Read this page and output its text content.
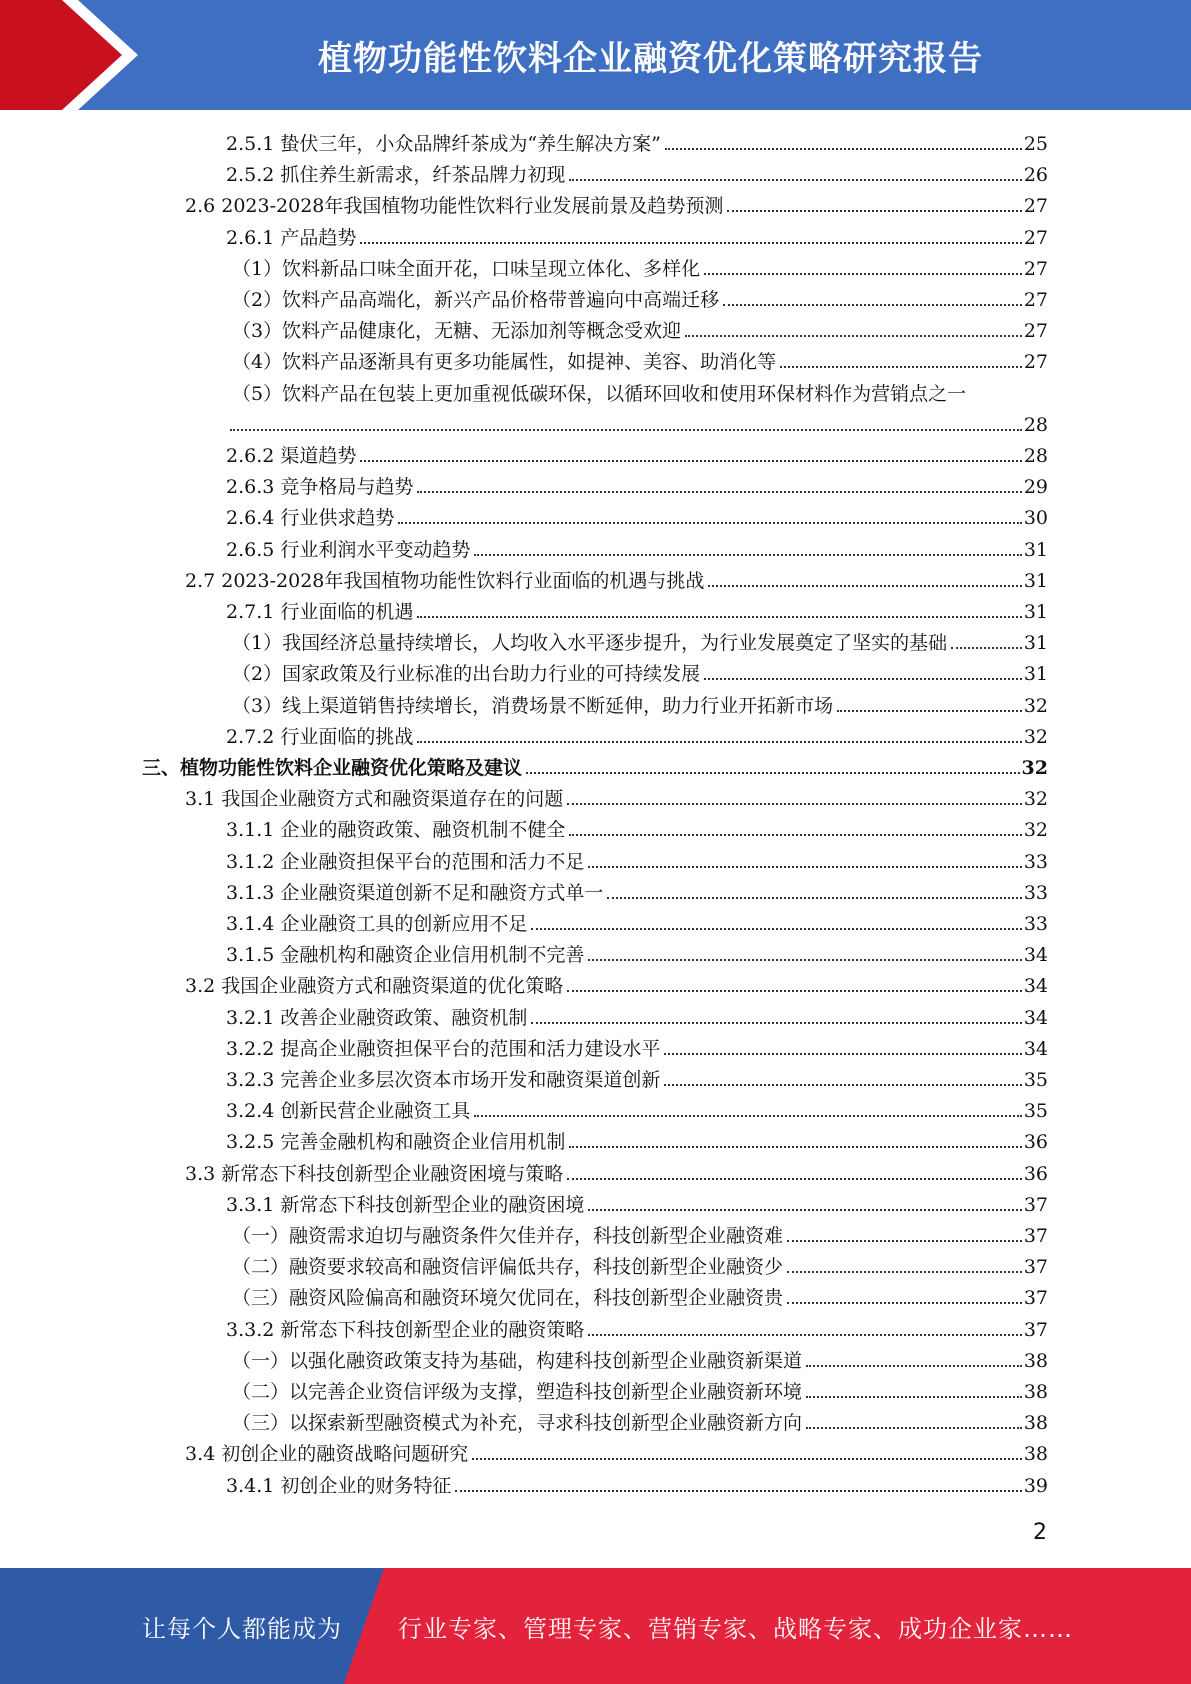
植物功能性饮料企业融资优化策略研究报告
2.5.1 蛰伏三年，小众品牌纤茶成为“养生解决方案”	25
2.5.2 抓住养生新需求，纤茶品牌力初现	26
2.6 2023-2028年我国植物功能性饮料行业发展前景及趋势预测	27
2.6.1 产品趋势	27
（1）饮料新品口味全面开花，口味呈现立体化、多样化	27
（2）饮料产品高端化，新兴产品价格带普遍向中高端迁移	27
（3）饮料产品健康化，无糖、无添加剂等概念受欢迎	27
（4）饮料产品逐渐具有更多功能属性，如提神、美容、助消化等	27
（5）饮料产品在包装上更加重视低碳环保，以循环回收和使用环保材料作为营销点之一
28
2.6.2 渠道趋势	28
2.6.3 竞争格局与趋势	29
2.6.4 行业供求趋势	30
2.6.5 行业利润水平变动趋势	31
2.7 2023-2028年我国植物功能性饮料行业面临的机遇与挑战	31
2.7.1 行业面临的机遇	31
（1）我国经济总量持续增长，人均收入水平逐步提升，为行业发展奠定了坚实的基础	31
（2）国家政策及行业标准的出台助力行业的可持续发展	31
（3）线上渠道销售持续增长，消费场景不断延伸，助力行业开拓新市场	32
2.7.2 行业面临的挑战	32
三、植物功能性饮料企业融资优化策略及建议	32
3.1 我国企业融资方式和融资渠道存在的问题	32
3.1.1 企业的融资政策、融资机制不健全	32
3.1.2 企业融资担保平台的范围和活力不足	33
3.1.3 企业融资渠道创新不足和融资方式单一	33
3.1.4 企业融资工具的创新应用不足	33
3.1.5 金融机构和融资企业信用机制不完善	34
3.2 我国企业融资方式和融资渠道的优化策略	34
3.2.1 改善企业融资政策、融资机制	34
3.2.2 提高企业融资担保平台的范围和活力建设水平	34
3.2.3 完善企业多层次资本市场开发和融资渠道创新	35
3.2.4 创新民营企业融资工具	35
3.2.5 完善金融机构和融资企业信用机制	36
3.3 新常态下科技创新型企业融资困境与策略	36
3.3.1 新常态下科技创新型企业的融资困境	37
（一）融资需求迫切与融资条件欠佳并存，科技创新型企业融资难	37
（二）融资要求较高和融资信评偏低共存，科技创新型企业融资少	37
（三）融资风险偏高和融资环境欠优同在，科技创新型企业融资贵	37
3.3.2 新常态下科技创新型企业的融资策略	37
（一）以强化融资政策支持为基础，构建科技创新型企业融资新渠道	38
（二）以完善企业资信评级为支撑，塑造科技创新型企业融资新环境	38
（三）以探索新型融资模式为补充，寻求科技创新型企业融资新方向	38
3.4 初创企业的融资战略问题研究	38
3.4.1 初创企业的财务特征	39
2
让每个人都能成为 行业专家、管理专家、营销专家、战略专家、成功企业家……
